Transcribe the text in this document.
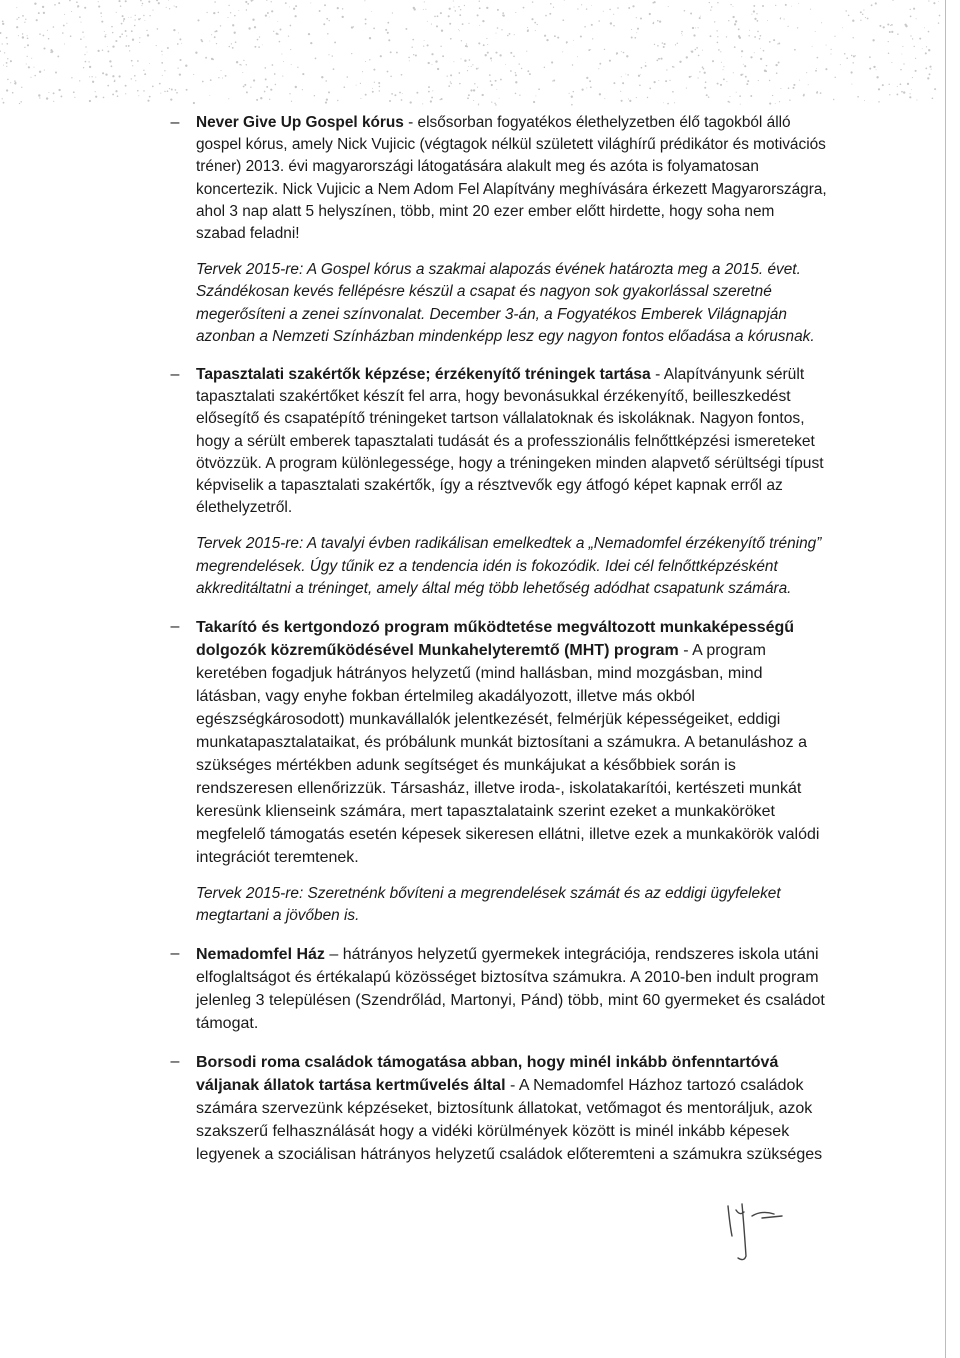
– Never Give Up Gospel kórus - elsősorban fogyatékos élethelyzetben élő tagokból álló gospel kórus, amely Nick Vujicic (végtagok nélkül született világhírű prédikátor és motivációs tréner) 2013. évi magyarországi látogatására alakult meg és azóta is folyamatosan koncertezik. Nick Vujicic a Nem Adom Fel Alapítvány meghívására érkezett Magyarországra, ahol 3 nap alatt 5 helyszínen, több, mint 20 ezer ember előtt hirdette, hogy soha nem szabad feladni!

Tervek 2015-re: A Gospel kórus a szakmai alapozás évének határozta meg a 2015. évet. Szándékosan kevés fellépésre készül a csapat és nagyon sok gyakorlással szeretné megerősíteni a zenei színvonalat. December 3-án, a Fogyatékos Emberek Világnapján azonban a Nemzeti Színházban mindenképp lesz egy nagyon fontos előadása a kórusnak.

– Tapasztalati szakértők képzése; érzékenyítő tréningek tartása - Alapítványunk sérült tapasztalati szakértőket készít fel arra, hogy bevonásukkal érzékenyítő, beilleszkedést elősegítő és csapatépítő tréningeket tartson vállalatoknak és iskoláknak. Nagyon fontos, hogy a sérült emberek tapasztalati tudását és a professzionális felnőttképzési ismereteket ötvözzük. A program különlegessége, hogy a tréningeken minden alapvető sérültségi típust képviselik a tapasztalati szakértők, így a résztvevők egy átfogó képet kapnak erről az élethelyzetről.

Tervek 2015-re: A tavalyi évben radikálisan emelkedtek a „Nemadomfel érzékenyítő tréning” megrendelések. Úgy tűnik ez a tendencia idén is fokozódik. Idei cél felnőttképzésként akkreditáltatni a tréninget, amely által még több lehetőség adódhat csapatunk számára.

– Takarító és kertgondozó program működtetése megváltozott munkaképességű dolgozók közreműködésével Munkahelyteremtő (MHT) program - A program keretében fogadjuk hátrányos helyzetű (mind hallásban, mind mozgásban, mind látásban, vagy enyhe fokban értelmileg akadályozott, illetve más okból egészségkárosodott) munkavállalók jelentkezését, felmérjük képességeiket, eddigi munkatapasztalataikat, és próbálunk munkát biztosítani a számukra. A betanuláshoz a szükséges mértékben adunk segítséget és munkájukat a későbbiek során is rendszeresen ellenőrizzük. Társasház, illetve iroda-, iskolatakarítói, kertészeti munkát keresünk klienseink számára, mert tapasztalataink szerint ezeket a munkaköröket megfelelő támogatás esetén képesek sikeresen ellátni, illetve ezek a munkakörök valódi integrációt teremtenek.

Tervek 2015-re: Szeretnénk bővíteni a megrendelések számát és az eddigi ügyfeleket megtartani a jövőben is.

– Nemadomfel Ház – hátrányos helyzetű gyermekek integrációja, rendszeres iskola utáni elfoglaltságot és értékalapú közösséget biztosítva számukra. A 2010-ben indult program jelenleg 3 településen (Szendrőlád, Martonyi, Pánd) több, mint 60 gyermeket és családot támogat.

– Borsodi roma családok támogatása abban, hogy minél inkább önfenntartóvá váljanak állatok tartása kertművelés által - A Nemadomfel Házhoz tartozó családok számára szervezünk képzéseket, biztosítunk állatokat, vetőmagot és mentoráljuk, azok szakszerű felhasználását hogy a vidéki körülmények között is minél inkább képesek legyenek a szociálisan hátrányos helyzetű családok előteremteni a számukra szükséges
